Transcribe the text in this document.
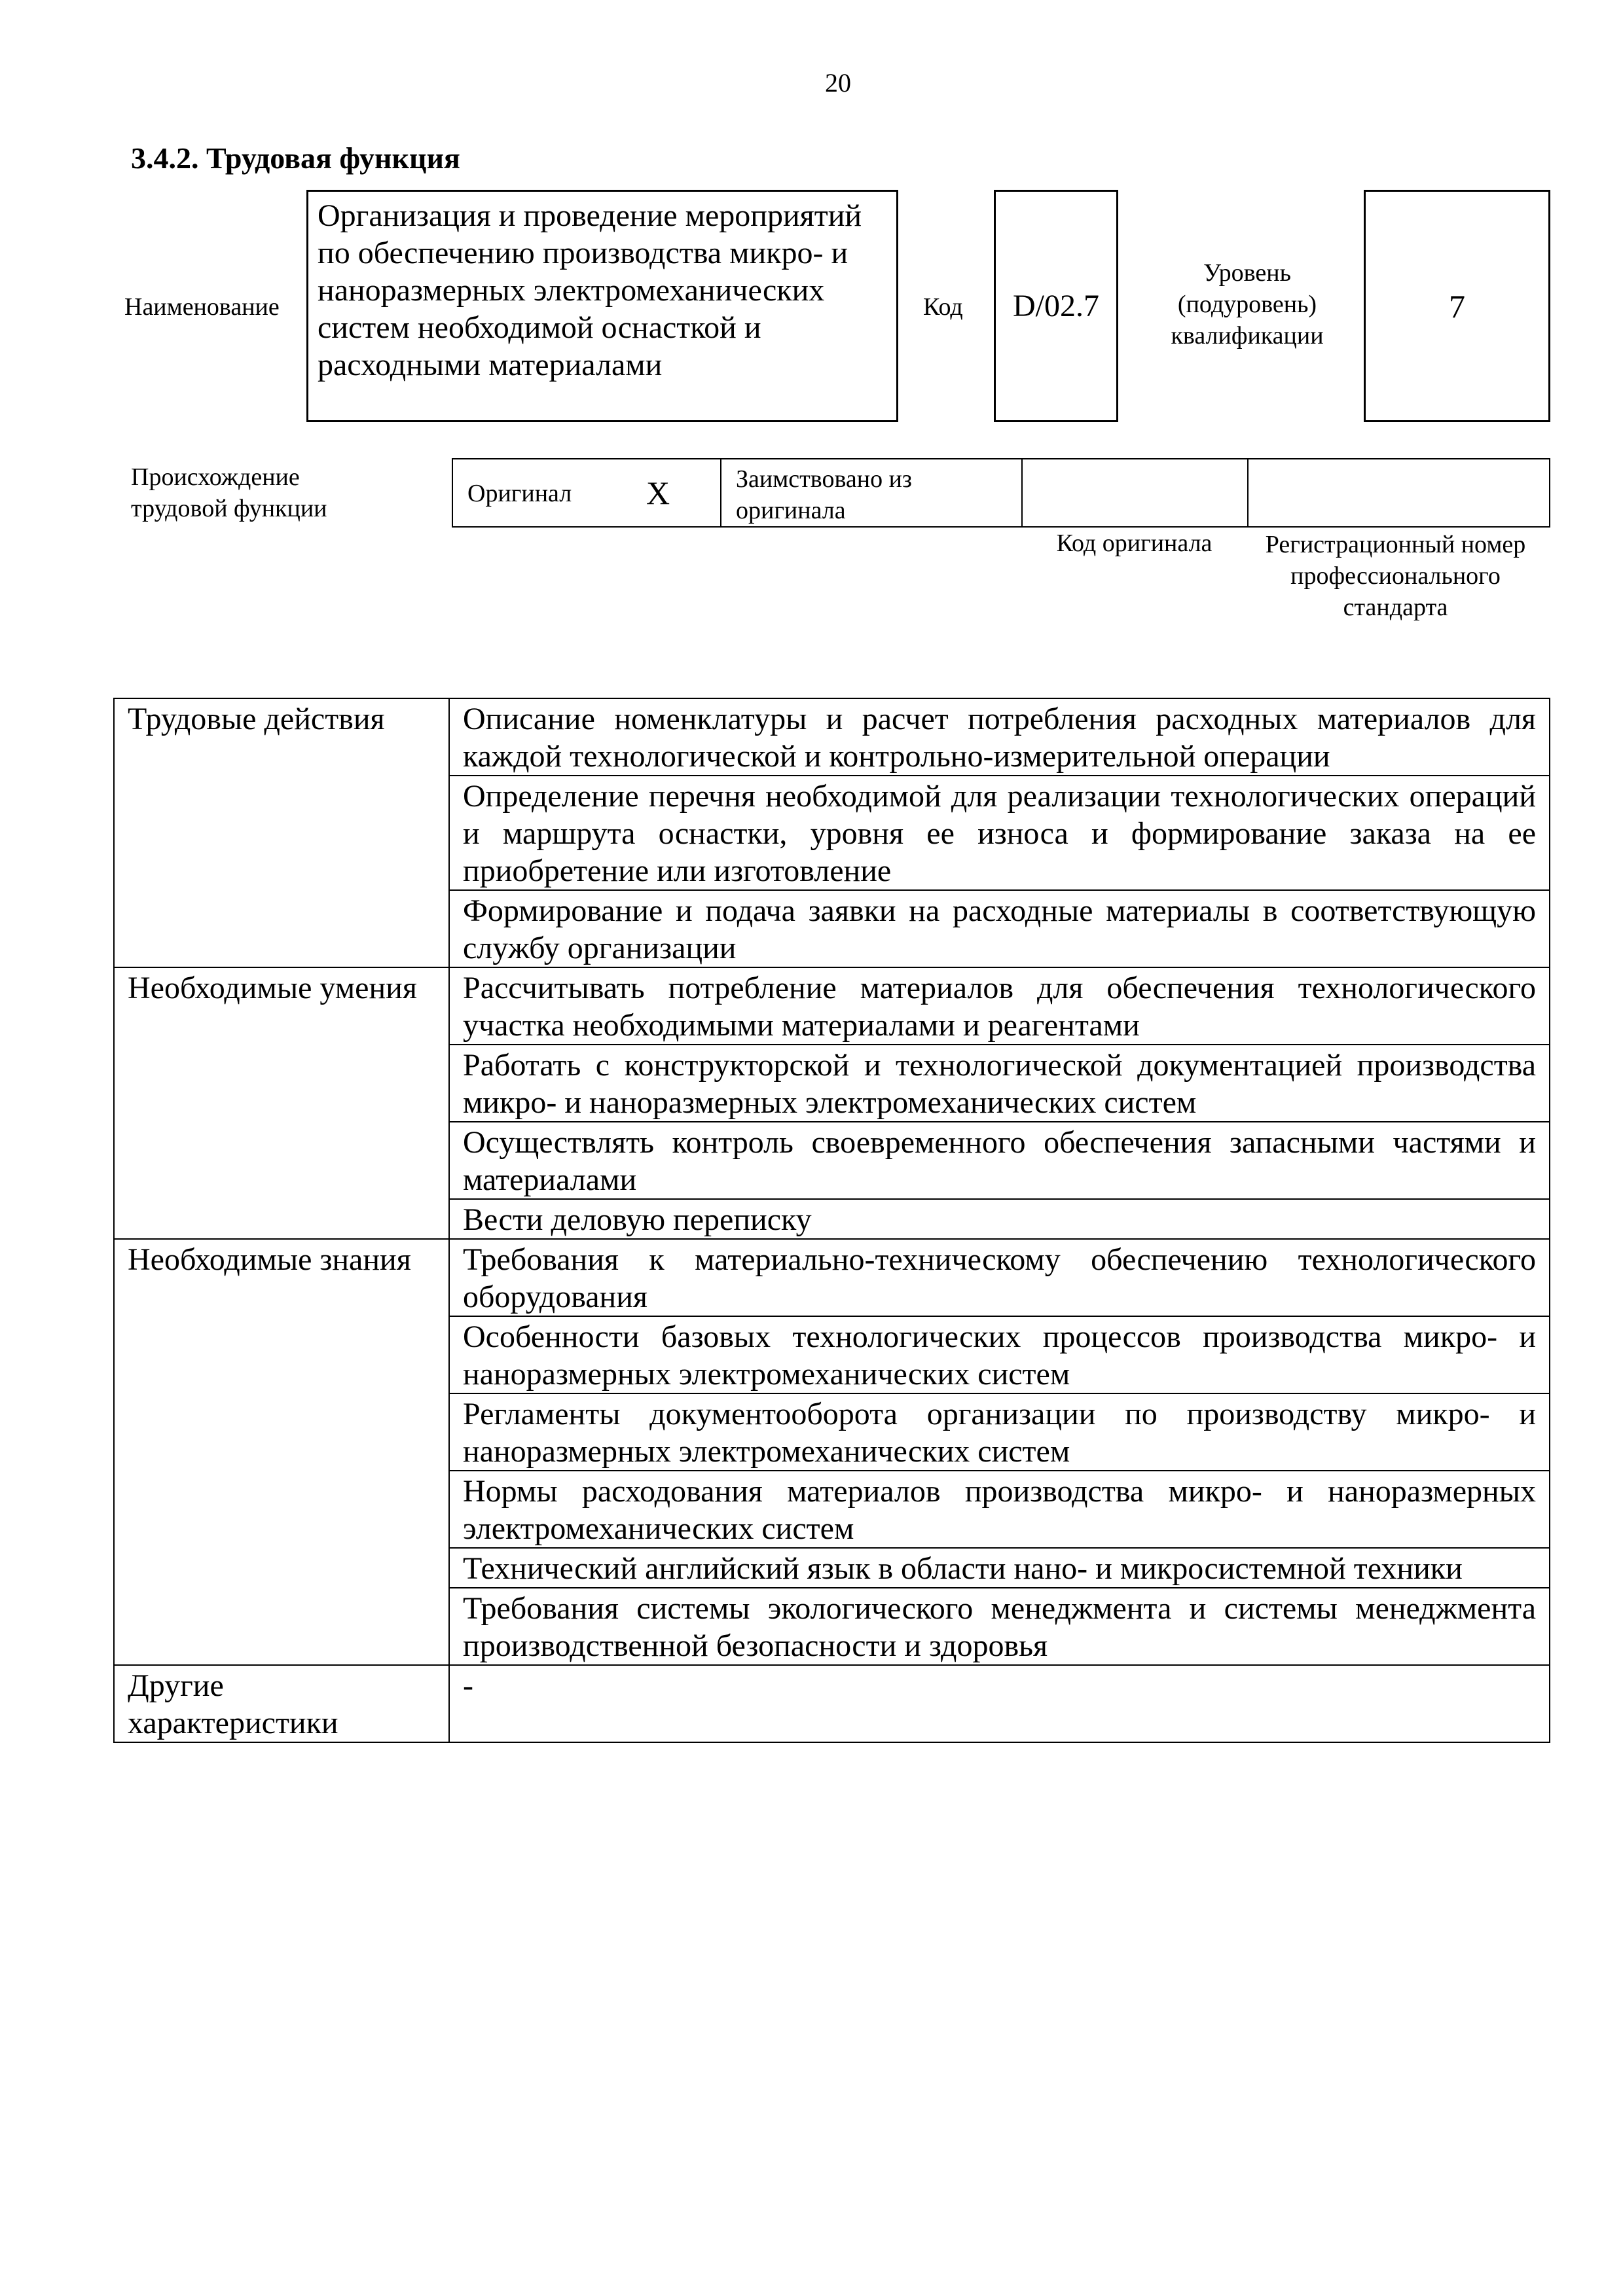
20
3.4.2. Трудовая функция
Наименование
Организация и проведение мероприятий по обеспечению производства микро- и наноразмерных электромеханических систем необходимой оснасткой и расходными материалами
Код D/02.7
Уровень
(подуровень)
квалификации
7
Происхождение
трудовой функции
Оригинал X	Заимствовано из оригинала
Код оригинала	Регистрационный номер
профессионального
стандарта
Трудовые действия	Описание номенклатуры и расчет потребления расходных материалов для каждой технологической и контрольно-измерительной операции
	Определение перечня необходимой для реализации технологических операций и маршрута оснастки, уровня ее износа и формирование заказа на ее приобретение или изготовление
	Формирование и подача заявки на расходные материалы в соответствующую службу организации
Необходимые умения	Рассчитывать потребление материалов для обеспечения технологического участка необходимыми материалами и реагентами
	Работать с конструкторской и технологической документацией производства микро- и наноразмерных электромеханических систем
	Осуществлять контроль своевременного обеспечения запасными частями и материалами
	Вести деловую переписку
Необходимые знания	Требования к материально-техническому обеспечению технологического оборудования
	Особенности базовых технологических процессов производства микро- и наноразмерных электромеханических систем
	Регламенты документооборота организации по производству микро- и наноразмерных электромеханических систем
	Нормы расходования материалов производства микро- и наноразмерных электромеханических систем
	Технический английский язык в области нано- и микросистемной техники
	Требования системы экологического менеджмента и системы менеджмента производственной безопасности и здоровья
Другие характеристики	-
